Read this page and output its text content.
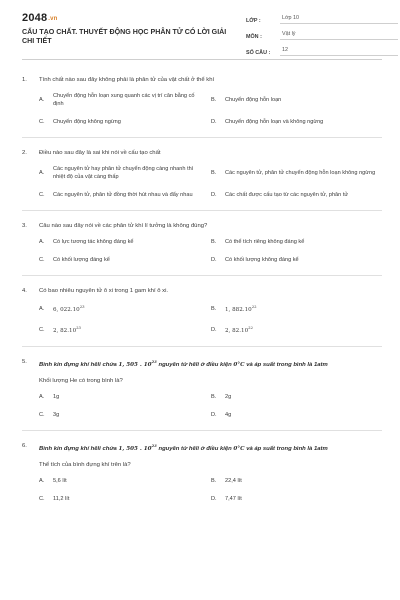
2048.vn
CẤU TẠO CHẤT. THUYẾT ĐỘNG HỌC PHÂN TỬ CÓ LỜI GIẢI CHI TIẾT
LỚP :	Lớp 10
MÔN :	Vật lý
SỐ CÂU :	12
1.	Tính chất nào sau đây không phải là phân tử của vật chất ở thể khí
A.
Chuyển động hỗn loạn xung quanh các vị trí cân bằng cố định
B.	Chuyển động hỗn loạn
C.	Chuyển động không ngừng	D.	Chuyển động hỗn loạn và không ngừng
2.	Điều nào sau đây là sai khi nói về cấu tạo chất
A.
Các nguyên tử hay phân tử chuyển động càng nhanh thì nhiệt độ của vật càng thấp
B.	Các nguyên tử, phân tử chuyển động hỗn loạn không ngừng
C.	Các nguyên tử, phân tử đồng thời hút nhau và đẩy nhau	D.	Các chất được cấu tạo từ các nguyên tử, phân tử
3.	Câu nào sau đây nói về các phân tử khí lí tưởng là không đúng?
A.	Có lực tương tác không đáng kể	B.	Có thể tích riêng không đáng kể
C.	Có khối lượng đáng kể	D.	Có khối lượng không đáng kể
4.	Có bao nhiêu nguyên tử ô xi trong 1 gam khí ô xi.
A.	6, 022.10$^{23}$	B.	1, 882.10$^{22}$
C.	2, 82.10$^{23}$	D.	2, 82.10$^{22}$
5.	Bình kín đựng khí hêli chứa 1, 505 . $10^{23}$ nguyên tử hêli ở điều kiện 0°C và áp suất trong bình là 1atm
Khối lượng He có trong bình là?
A.	1g	B.	2g
C.	3g	D.	4g
6.	Bình kín đựng khí hêli chứa 1, 505 . $10^{23}$ nguyên tử hêli ở điều kiện 0°C và áp suất trong bình là 1atm
Thể tích của bình đựng khí trên là?
A.	5,6 lít	B.	22,4 lít
C.	11,2 lít	D.	7,47 lít
